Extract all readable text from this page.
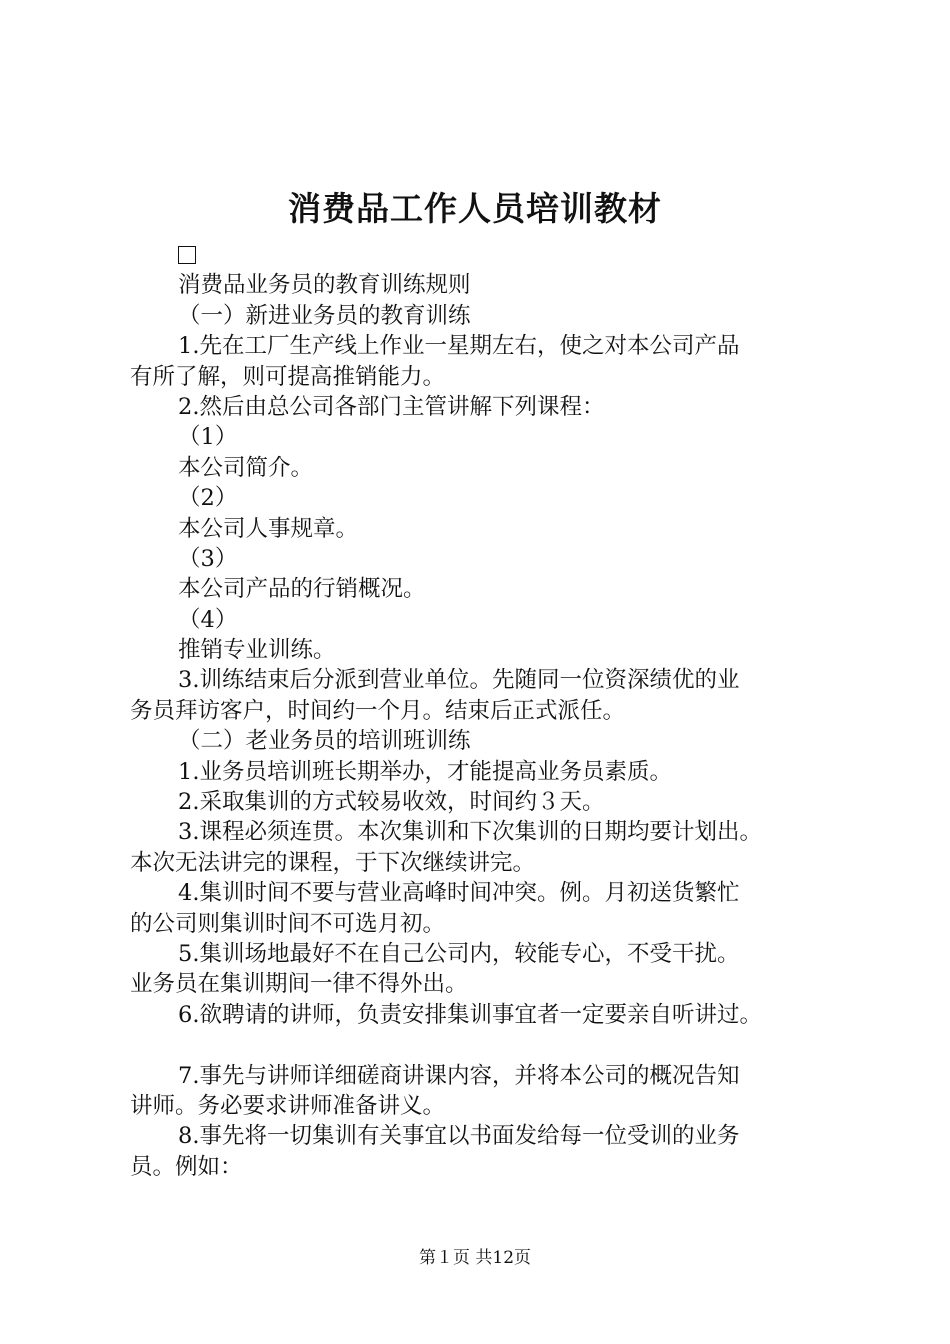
消费品工作人员培训教材
消费品业务员的教育训练规则
（一）新进业务员的教育训练
1.先在工厂生产线上作业一星期左右，使之对本公司产品
有所了解，则可提高推销能力。
2.然后由总公司各部门主管讲解下列课程：
（1）
本公司简介。
（2）
本公司人事规章。
（3）
本公司产品的行销概况。
（4）
推销专业训练。
3.训练结束后分派到营业单位。先随同一位资深绩优的业
务员拜访客户，时间约一个月。结束后正式派任。
（二）老业务员的培训班训练
1.业务员培训班长期举办，才能提高业务员素质。
2.采取集训的方式较易收效，时间约３天。
3.课程必须连贯。本次集训和下次集训的日期均要计划出。
本次无法讲完的课程，于下次继续讲完。
4.集训时间不要与营业高峰时间冲突。例。月初送货繁忙
的公司则集训时间不可选月初。
5.集训场地最好不在自己公司内，较能专心，不受干扰。
业务员在集训期间一律不得外出。
6.欲聘请的讲师，负责安排集训事宜者一定要亲自听讲过。
7.事先与讲师详细磋商讲课内容，并将本公司的概况告知
讲师。务必要求讲师准备讲义。
8.事先将一切集训有关事宜以书面发给每一位受训的业务
员。例如：
第１页 共12页
